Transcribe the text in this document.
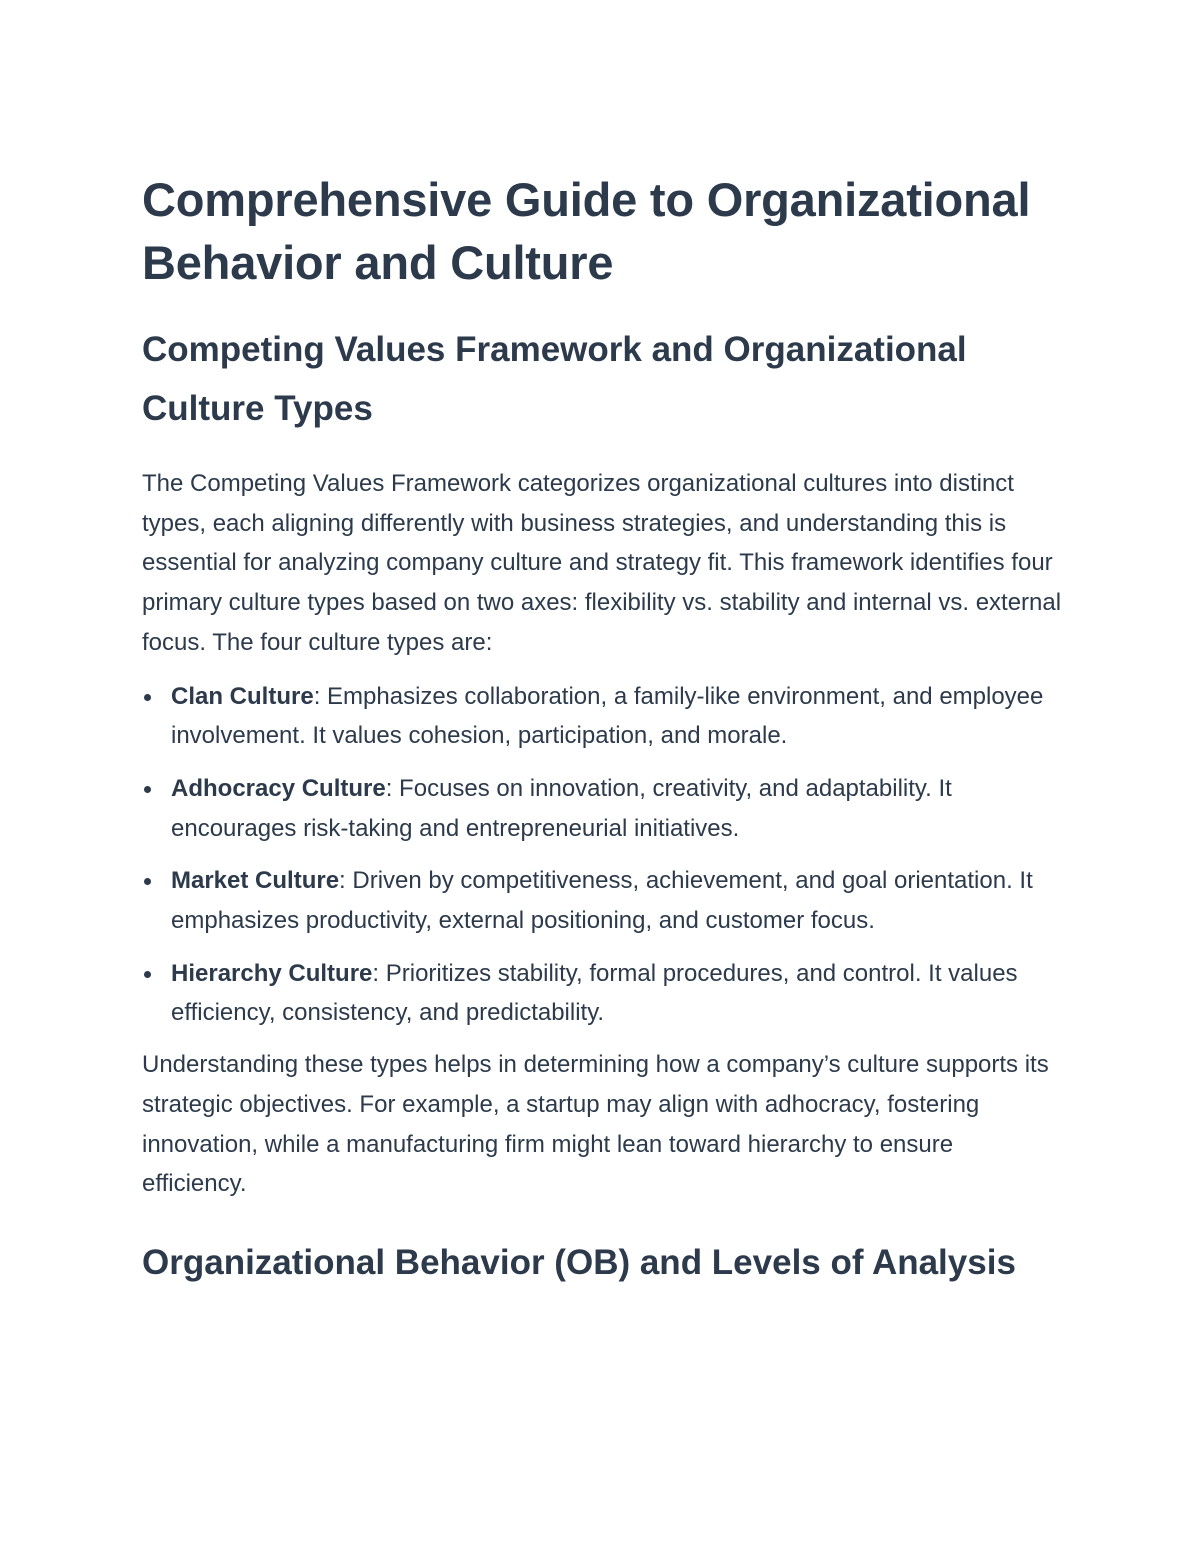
Comprehensive Guide to Organizational Behavior and Culture
Competing Values Framework and Organizational Culture Types

The Competing Values Framework categorizes organizational cultures into distinct types, each aligning differently with business strategies, and understanding this is essential for analyzing company culture and strategy fit. This framework identifies four primary culture types based on two axes: flexibility vs. stability and internal vs. external focus. The four culture types are:

Clan Culture: Emphasizes collaboration, a family-like environment, and employee involvement. It values cohesion, participation, and morale.
Adhocracy Culture: Focuses on innovation, creativity, and adaptability. It encourages risk-taking and entrepreneurial initiatives.
Market Culture: Driven by competitiveness, achievement, and goal orientation. It emphasizes productivity, external positioning, and customer focus.
Hierarchy Culture: Prioritizes stability, formal procedures, and control. It values efficiency, consistency, and predictability.

Understanding these types helps in determining how a company’s culture supports its strategic objectives. For example, a startup may align with adhocracy, fostering innovation, while a manufacturing firm might lean toward hierarchy to ensure efficiency.

Organizational Behavior (OB) and Levels of Analysis
